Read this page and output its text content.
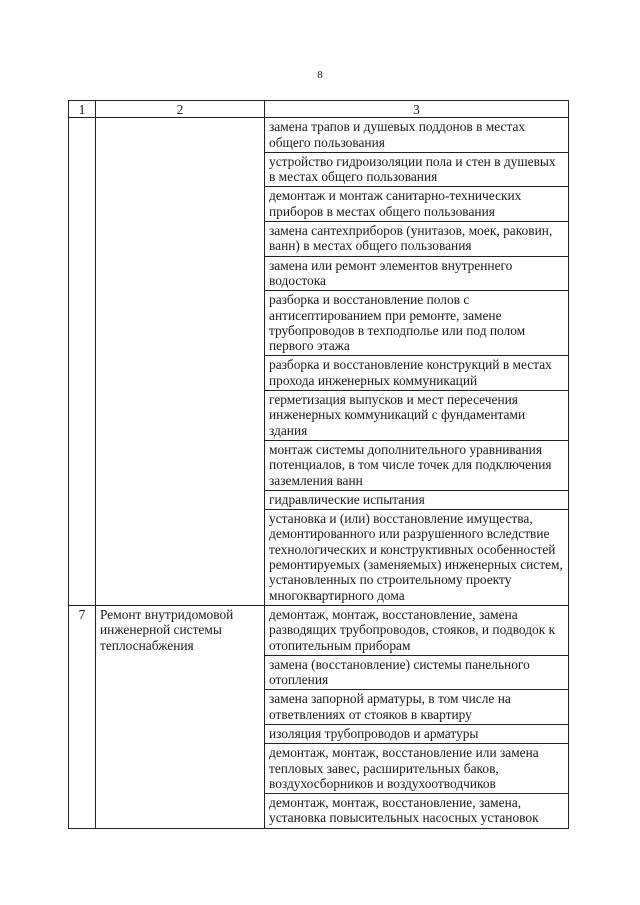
8
1	2	3
		замена трапов и душевых поддонов в местах общего пользования
		устройство гидроизоляции пола и стен в душевых в местах общего пользования
		демонтаж и монтаж санитарно-технических приборов в местах общего пользования
		замена сантехприборов (унитазов, моек, раковин, ванн) в местах общего пользования
		замена или ремонт элементов внутреннего водостока
		разборка и восстановление полов с антисептированием при ремонте, замене трубопроводов в техподполье или под полом первого этажа
		разборка и восстановление конструкций в местах прохода инженерных коммуникаций
		герметизация выпусков и мест пересечения инженерных коммуникаций с фундаментами здания
		монтаж системы дополнительного уравнивания потенциалов, в том числе точек для подключения заземления ванн
		гидравлические испытания
		установка и (или) восстановление имущества, демонтированного или разрушенного вследствие технологических и конструктивных особенностей ремонтируемых (заменяемых) инженерных систем, установленных по строительному проекту многоквартирного дома
7	Ремонт внутридомовой инженерной системы теплоснабжения	демонтаж, монтаж, восстановление, замена разводящих трубопроводов, стояков, и подводок к отопительным приборам
		замена (восстановление) системы панельного отопления
		замена запорной арматуры, в том числе на ответвлениях от стояков в квартиру
		изоляция трубопроводов и арматуры
		демонтаж, монтаж, восстановление или замена тепловых завес, расширительных баков, воздухосборников и воздухоотводчиков
		демонтаж, монтаж, восстановление, замена, установка повысительных насосных установок
